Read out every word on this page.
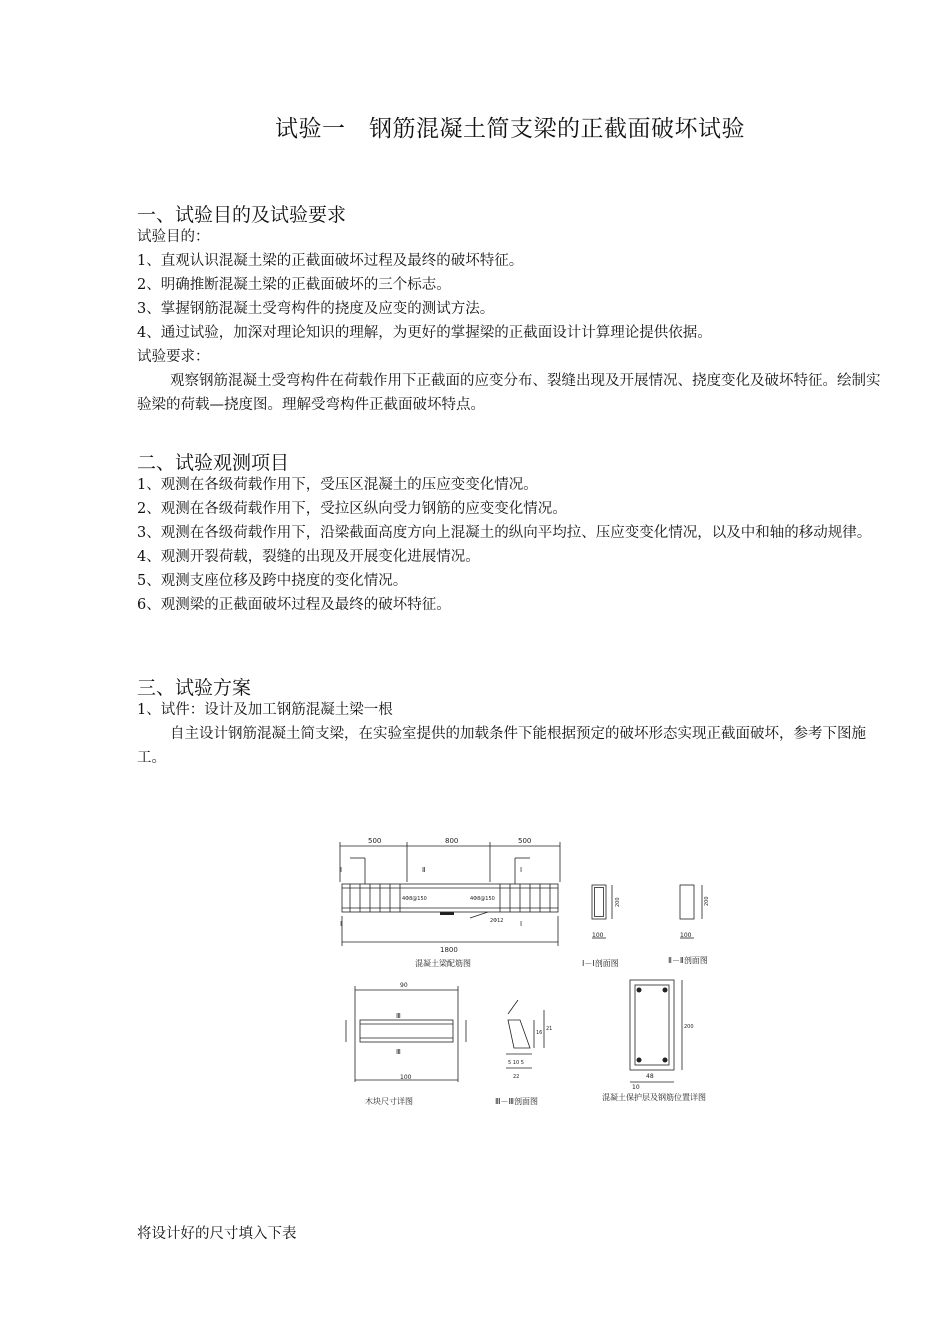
试验一　钢筋混凝土简支梁的正截面破坏试验
一、试验目的及试验要求
试验目的：
1、直观认识混凝土梁的正截面破坏过程及最终的破坏特征。
2、明确推断混凝土梁的正截面破坏的三个标志。
3、掌握钢筋混凝土受弯构件的挠度及应变的测试方法。
4、通过试验，加深对理论知识的理解，为更好的掌握梁的正截面设计计算理论提供依据。
试验要求：
观察钢筋混凝土受弯构件在荷载作用下正截面的应变分布、裂缝出现及开展情况、挠度变化及破坏特征。绘制实验梁的荷载—挠度图。理解受弯构件正截面破坏特点。
二、试验观测项目
1、观测在各级荷载作用下，受压区混凝土的压应变变化情况。
2、观测在各级荷载作用下，受拉区纵向受力钢筋的应变变化情况。
3、观测在各级荷载作用下，沿梁截面高度方向上混凝土的纵向平均拉、压应变变化情况，以及中和轴的移动规律。
4、观测开裂荷载，裂缝的出现及开展变化进展情况。
5、观测支座位移及跨中挠度的变化情况。
6、观测梁的正截面破坏过程及最终的破坏特征。
三、试验方案
1、试件：设计及加工钢筋混凝土梁一根
自主设计钢筋混凝土简支梁，在实验室提供的加载条件下能根据预定的破坏形态实现正截面破坏，参考下图施工。
500	800	500
1800
Ⅰ
Ⅰ
Ⅱ	Ⅰ
Ⅰ
4Φ8@150	4Φ8@150
2Φ12
混凝土梁配筋图
200
100
Ⅰ－Ⅰ剖面图
200
100
Ⅱ－Ⅱ剖面图
90
100
Ⅲ
Ⅲ
木块尺寸详图
5 10 5
22
16
21
Ⅲ－Ⅲ剖面图
200
48
10
混凝土保护层及钢筋位置详图
将设计好的尺寸填入下表
